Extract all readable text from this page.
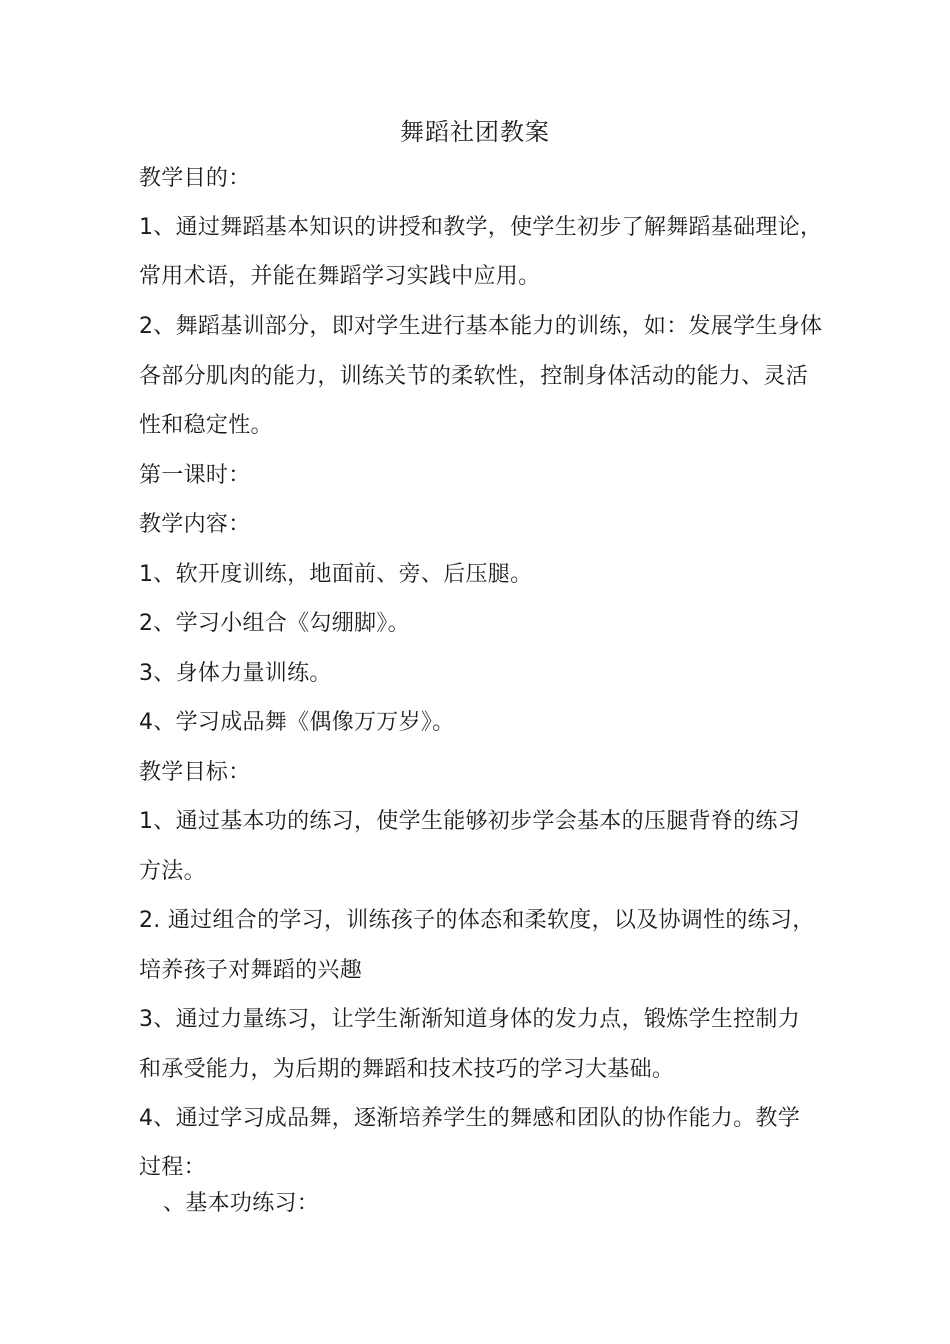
舞蹈社团教案
教学目的：
1、通过舞蹈基本知识的讲授和教学，使学生初步了解舞蹈基础理论，
常用术语，并能在舞蹈学习实践中应用。
2、舞蹈基训部分，即对学生进行基本能力的训练，如：发展学生身体
各部分肌肉的能力，训练关节的柔软性，控制身体活动的能力、灵活
性和稳定性。
第一课时：
教学内容：
1、软开度训练，地面前、旁、后压腿。
2、学习小组合《勾绷脚》。
3、身体力量训练。
4、学习成品舞《偶像万万岁》。
教学目标：
1、通过基本功的练习，使学生能够初步学会基本的压腿背脊的练习
方法。
2. 通过组合的学习，训练孩子的体态和柔软度，以及协调性的练习，
培养孩子对舞蹈的兴趣
3、通过力量练习，让学生渐渐知道身体的发力点，锻炼学生控制力
和承受能力，为后期的舞蹈和技术技巧的学习大基础。
4、通过学习成品舞，逐渐培养学生的舞感和团队的协作能力。教学
过程：
、基本功练习：
